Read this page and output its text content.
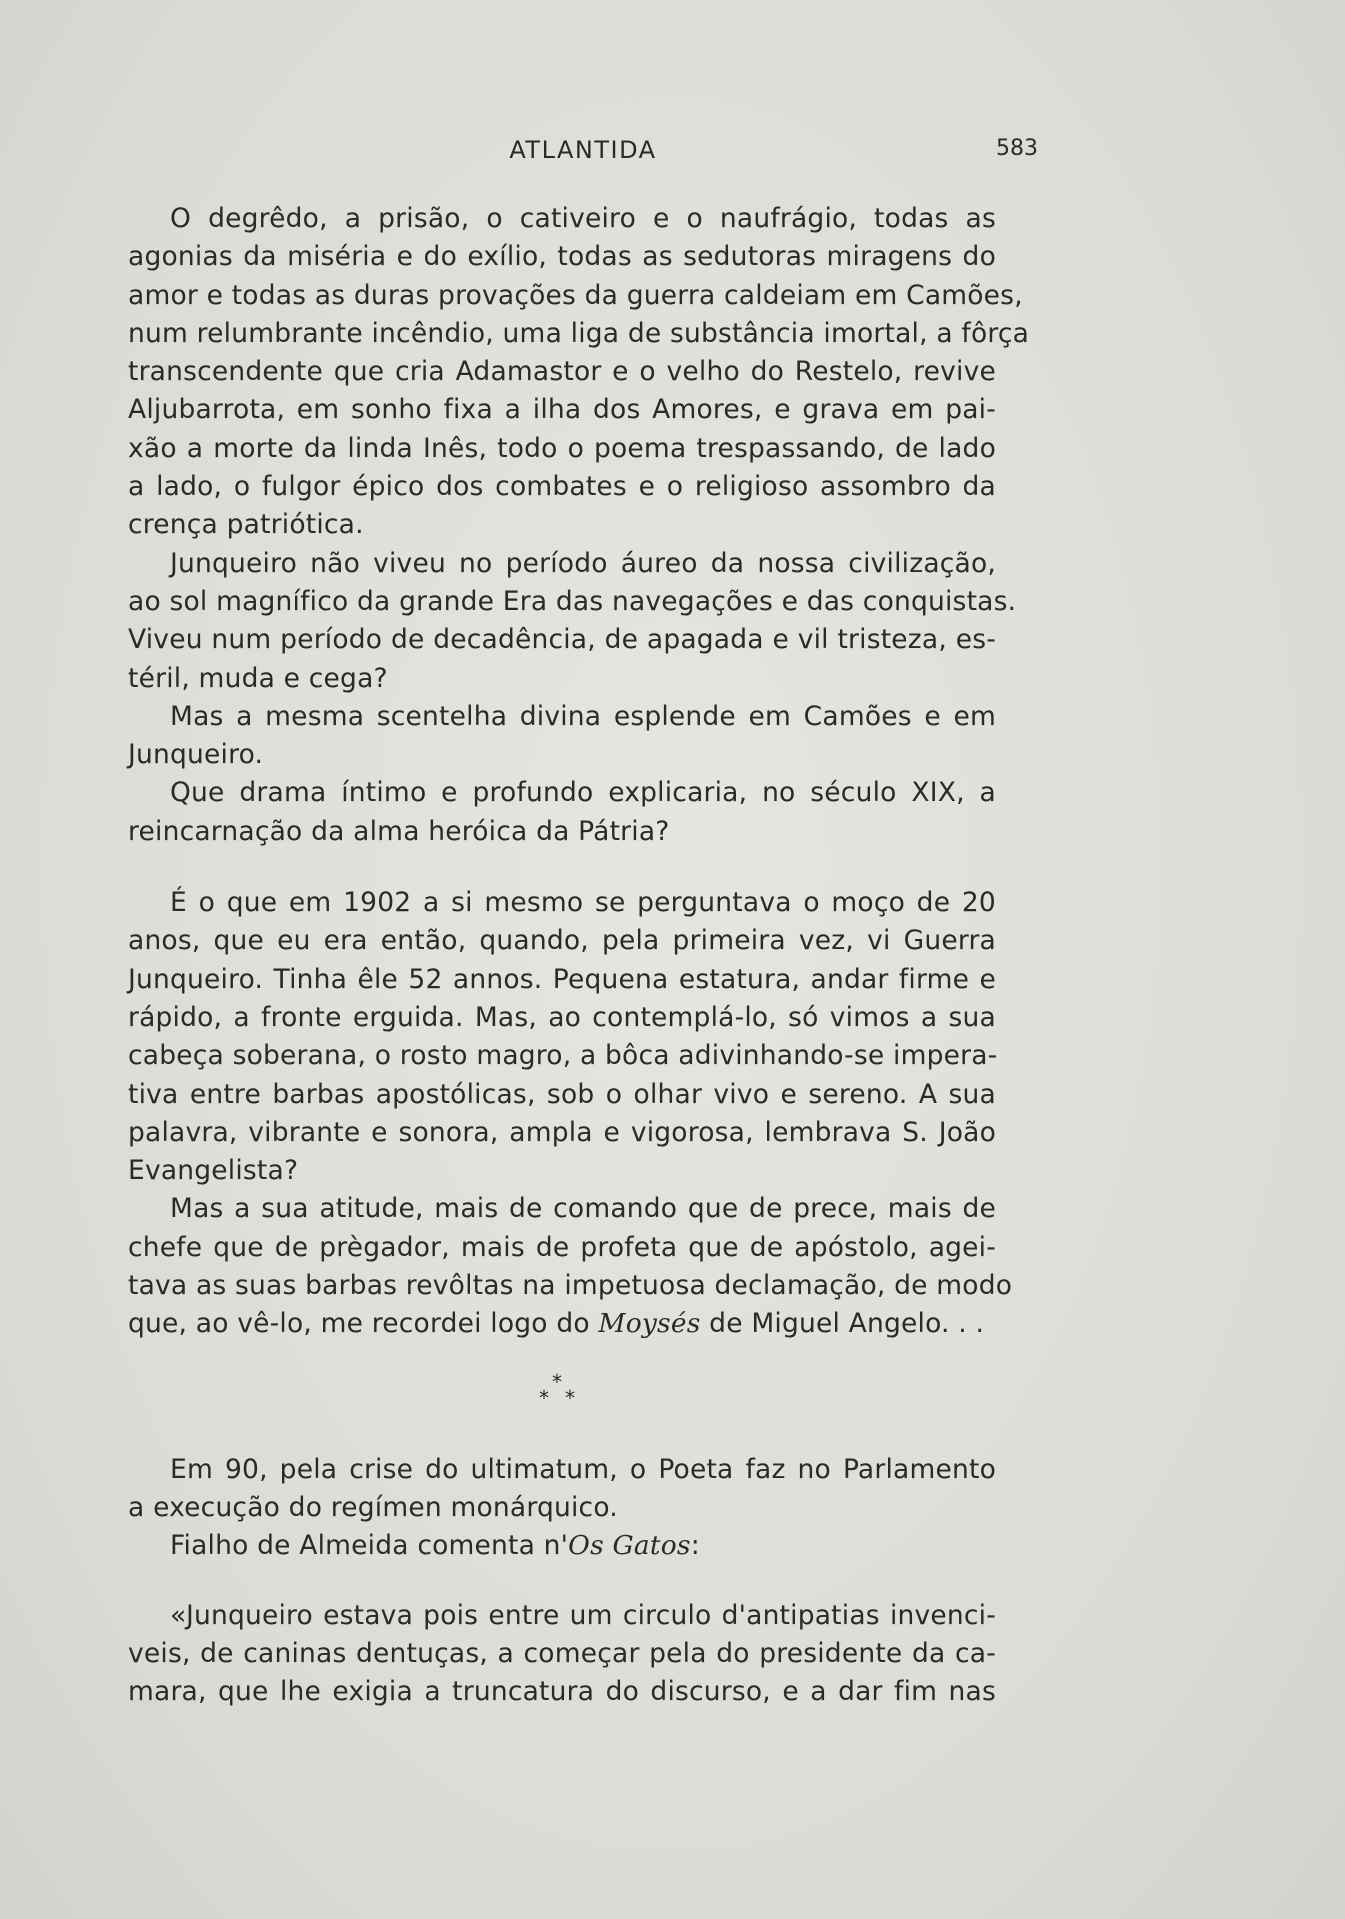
ATLANTIDA	583
O degrêdo, a prisão, o cativeiro e o naufrágio, todas as
agonias da miséria e do exílio, todas as sedutoras miragens do
amor e todas as duras provações da guerra caldeiam em Camões,
num relumbrante incêndio, uma liga de substância imortal, a fôrça
transcendente que cria Adamastor e o velho do Restelo, revive
Aljubarrota, em sonho fixa a ilha dos Amores, e grava em pai-
xão a morte da linda Inês, todo o poema trespassando, de lado
a lado, o fulgor épico dos combates e o religioso assombro da
crença patriótica.
Junqueiro não viveu no período áureo da nossa civilização,
ao sol magnífico da grande Era das navegações e das conquistas.
Viveu num período de decadência, de apagada e vil tristeza, es-
téril, muda e cega?
Mas a mesma scentelha divina esplende em Camões e em
Junqueiro.
Que drama íntimo e profundo explicaria, no século XIX, a
reincarnação da alma heróica da Pátria?
É o que em 1902 a si mesmo se perguntava o moço de 20
anos, que eu era então, quando, pela primeira vez, vi Guerra
Junqueiro. Tinha êle 52 annos. Pequena estatura, andar firme e
rápido, a fronte erguida. Mas, ao contemplá-lo, só vimos a sua
cabeça soberana, o rosto magro, a bôca adivinhando-se impera-
tiva entre barbas apostólicas, sob o olhar vivo e sereno. A sua
palavra, vibrante e sonora, ampla e vigorosa, lembrava S. João
Evangelista?
Mas a sua atitude, mais de comando que de prece, mais de
chefe que de prègador, mais de profeta que de apóstolo, agei-
tava as suas barbas revôltas na impetuosa declamação, de modo
que, ao vê-lo, me recordei logo do Moysés de Miguel Angelo. . .
*
* *
Em 90, pela crise do ultimatum, o Poeta faz no Parlamento
a execução do regímen monárquico.
Fialho de Almeida comenta n'Os Gatos:
«Junqueiro estava pois entre um circulo d'antipatias invenci-
veis, de caninas dentuças, a começar pela do presidente da ca-
mara, que lhe exigia a truncatura do discurso, e a dar fim nas
